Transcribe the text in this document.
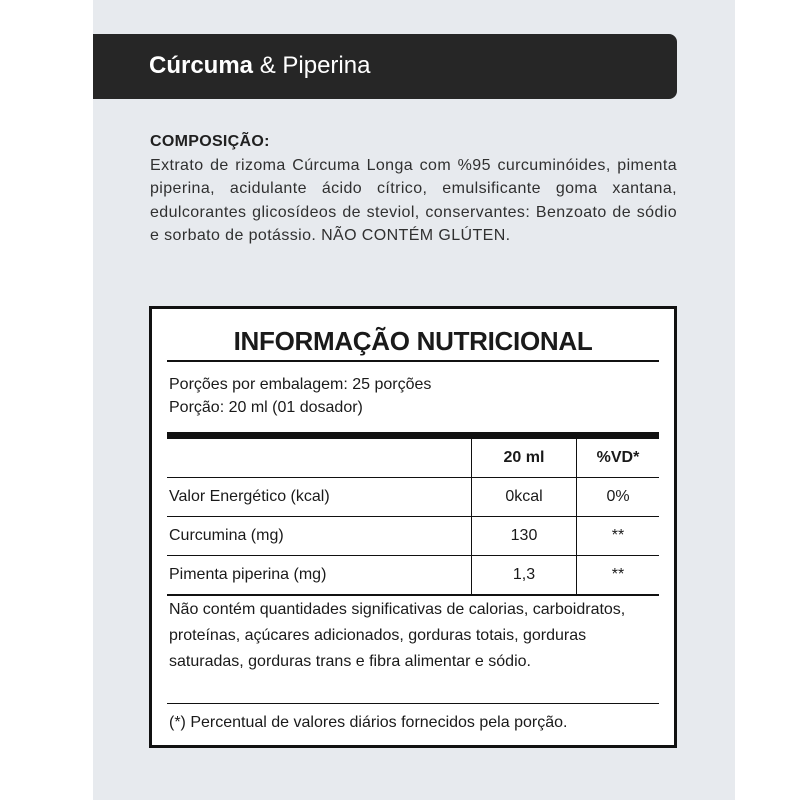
Cúrcuma & Piperina
COMPOSIÇÃO:
Extrato de rizoma Cúrcuma Longa com %95 curcuminóides, pimenta piperina, acidulante ácido cítrico, emulsificante goma xantana, edulcorantes glicosídeos de steviol, conservantes: Benzoato de sódio e sorbato de potássio. NÃO CONTÉM GLÚTEN.
INFORMAÇÃO NUTRICIONAL
Porções por embalagem: 25 porções
Porção: 20 ml (01 dosador)
	20 ml	%VD*
Valor Energético (kcal)	0kcal	0%
Curcumina (mg)	130	**
Pimenta piperina (mg)	1,3	**
Não contém quantidades significativas de calorias, carboidratos, proteínas, açúcares adicionados, gorduras totais, gorduras saturadas, gorduras trans e fibra alimentar e sódio.
(*) Percentual de valores diários fornecidos pela porção.
